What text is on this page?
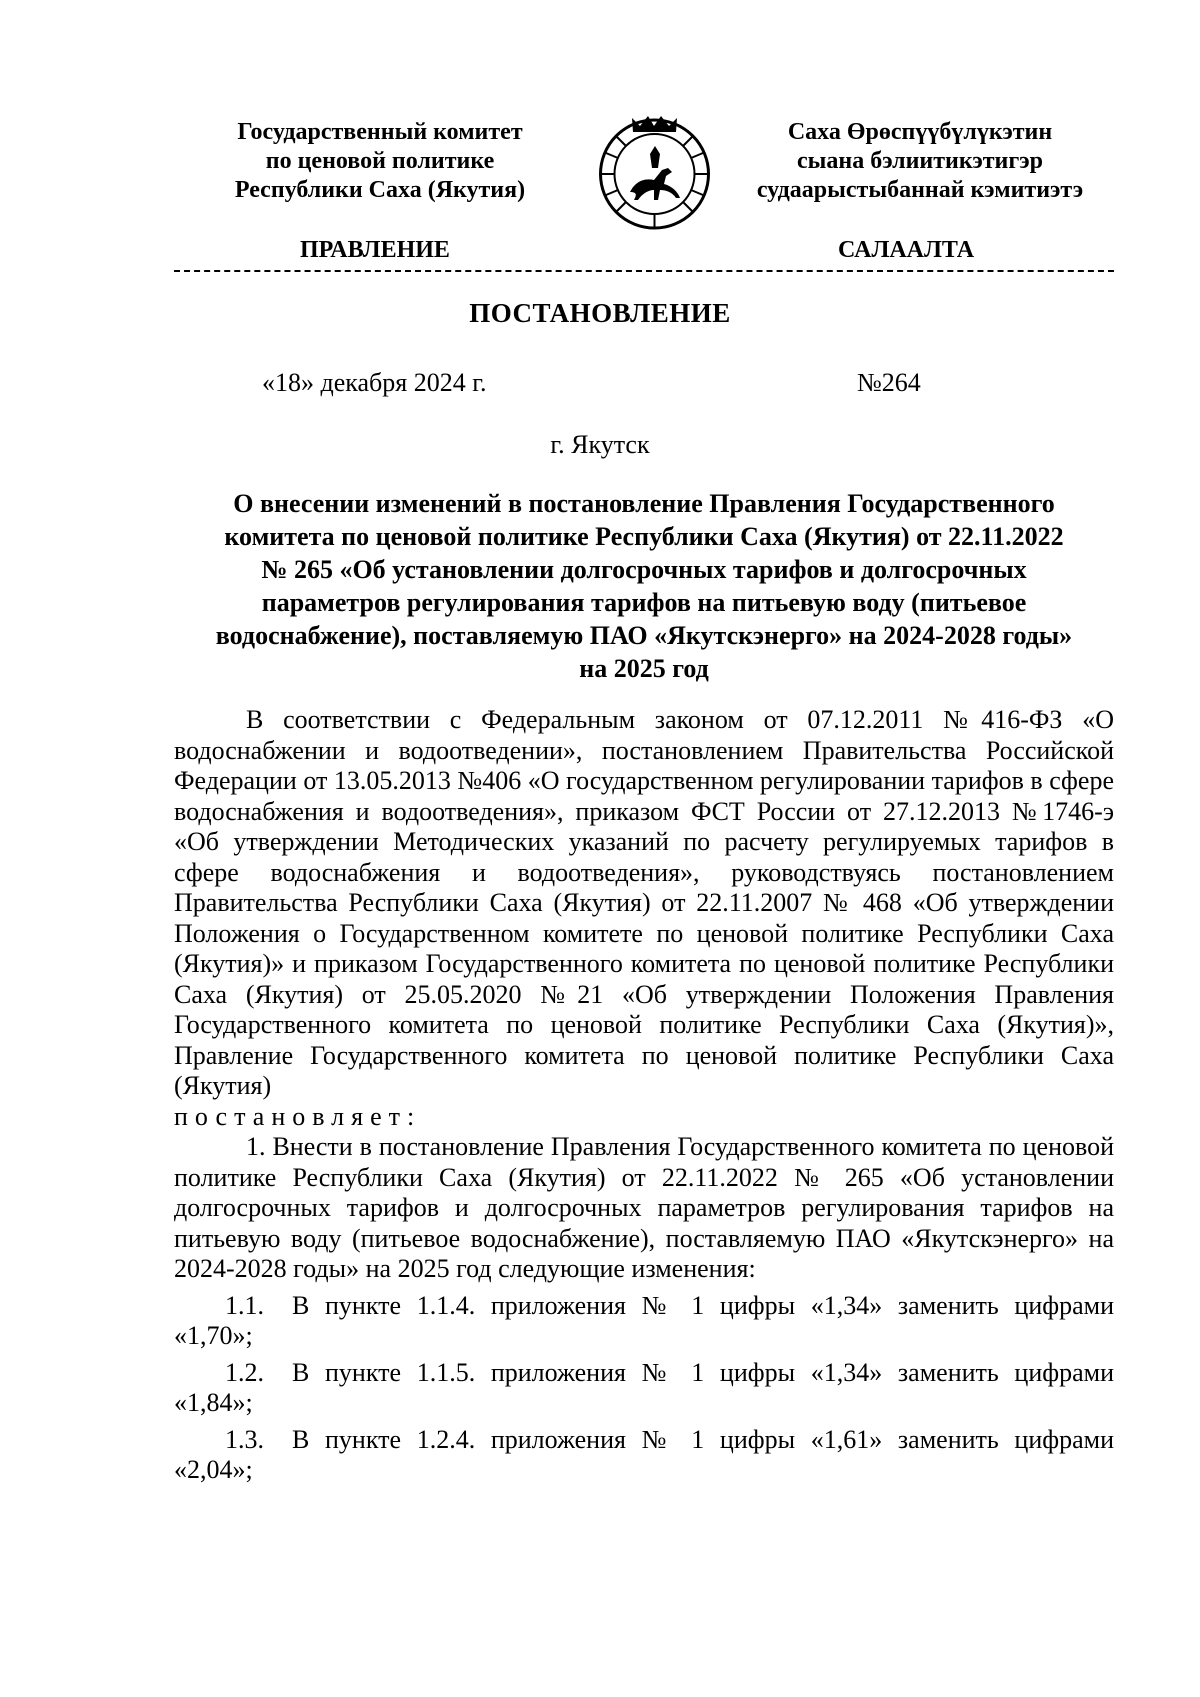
Государственный комитет
по ценовой политике
Республики Саха (Якутия)
Саха Өрөспүүбүлүкэтин
сыана бэлиитикэтигэр
судаарыстыбаннай кэмитиэтэ
ПРАВЛЕНИЕ	САЛААЛТА
ПОСТАНОВЛЕНИЕ
«18» декабря 2024 г.	№264
г. Якутск
О внесении изменений в постановление Правления Государственного
комитета по ценовой политике Республики Саха (Якутия) от 22.11.2022
№ 265 «Об установлении долгосрочных тарифов и долгосрочных
параметров регулирования тарифов на питьевую воду (питьевое
водоснабжение), поставляемую ПАО «Якутскэнерго» на 2024-2028 годы»
на 2025 год

В соответствии с Федеральным законом от 07.12.2011 №416-ФЗ «О водоснабжении и водоотведении», постановлением Правительства Российской Федерации от 13.05.2013 №406 «О государственном регулировании тарифов в сфере водоснабжения и водоотведения», приказом ФСТ России от 27.12.2013 №1746-э «Об утверждении Методических указаний по расчету регулируемых тарифов в сфере водоснабжения и водоотведения», руководствуясь постановлением Правительства Республики Саха (Якутия) от 22.11.2007 № 468 «Об утверждении Положения о Государственном комитете по ценовой политике Республики Саха (Якутия)» и приказом Государственного комитета по ценовой политике Республики Саха (Якутия) от 25.05.2020 №21 «Об утверждении Положения Правления Государственного комитета по ценовой политике Республики Саха (Якутия)», Правление Государственного комитета по ценовой политике Республики Саха (Якутия)

постановляет:

1. Внести в постановление Правления Государственного комитета по ценовой политике Республики Саха (Якутия) от 22.11.2022 № 265 «Об установлении долгосрочных тарифов и долгосрочных параметров регулирования тарифов на питьевую воду (питьевое водоснабжение), поставляемую ПАО «Якутскэнерго» на 2024-2028 годы» на 2025 год следующие изменения:

1.1.	В пункте 1.1.4. приложения № 1 цифры «1,34» заменить цифрами
«1,70»;
1.2.	В пункте 1.1.5. приложения № 1 цифры «1,34» заменить цифрами
«1,84»;
1.3.	В пункте 1.2.4. приложения № 1 цифры «1,61» заменить цифрами
«2,04»;
